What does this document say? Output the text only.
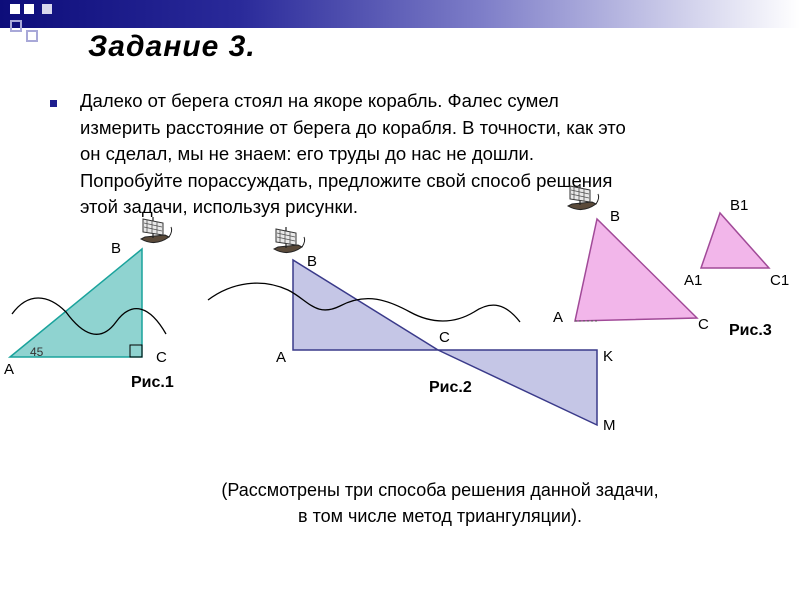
Задание 3.

Далеко от берега стоял на якоре корабль. Фалес сумел
измерить расстояние от берега до корабля. В точности, как это
он сделал, мы не знаем: его труды до нас не дошли.
Попробуйте порассуждать, предложите свой способ решения
этой задачи, используя рисунки.

A
B
C
45
Рис.1
A
B
C
K
M
Рис.2
A
B
C
B1
A1	C1
Рис.3
(Рассмотрены три способа решения данной задачи,
в том числе метод триангуляции).
